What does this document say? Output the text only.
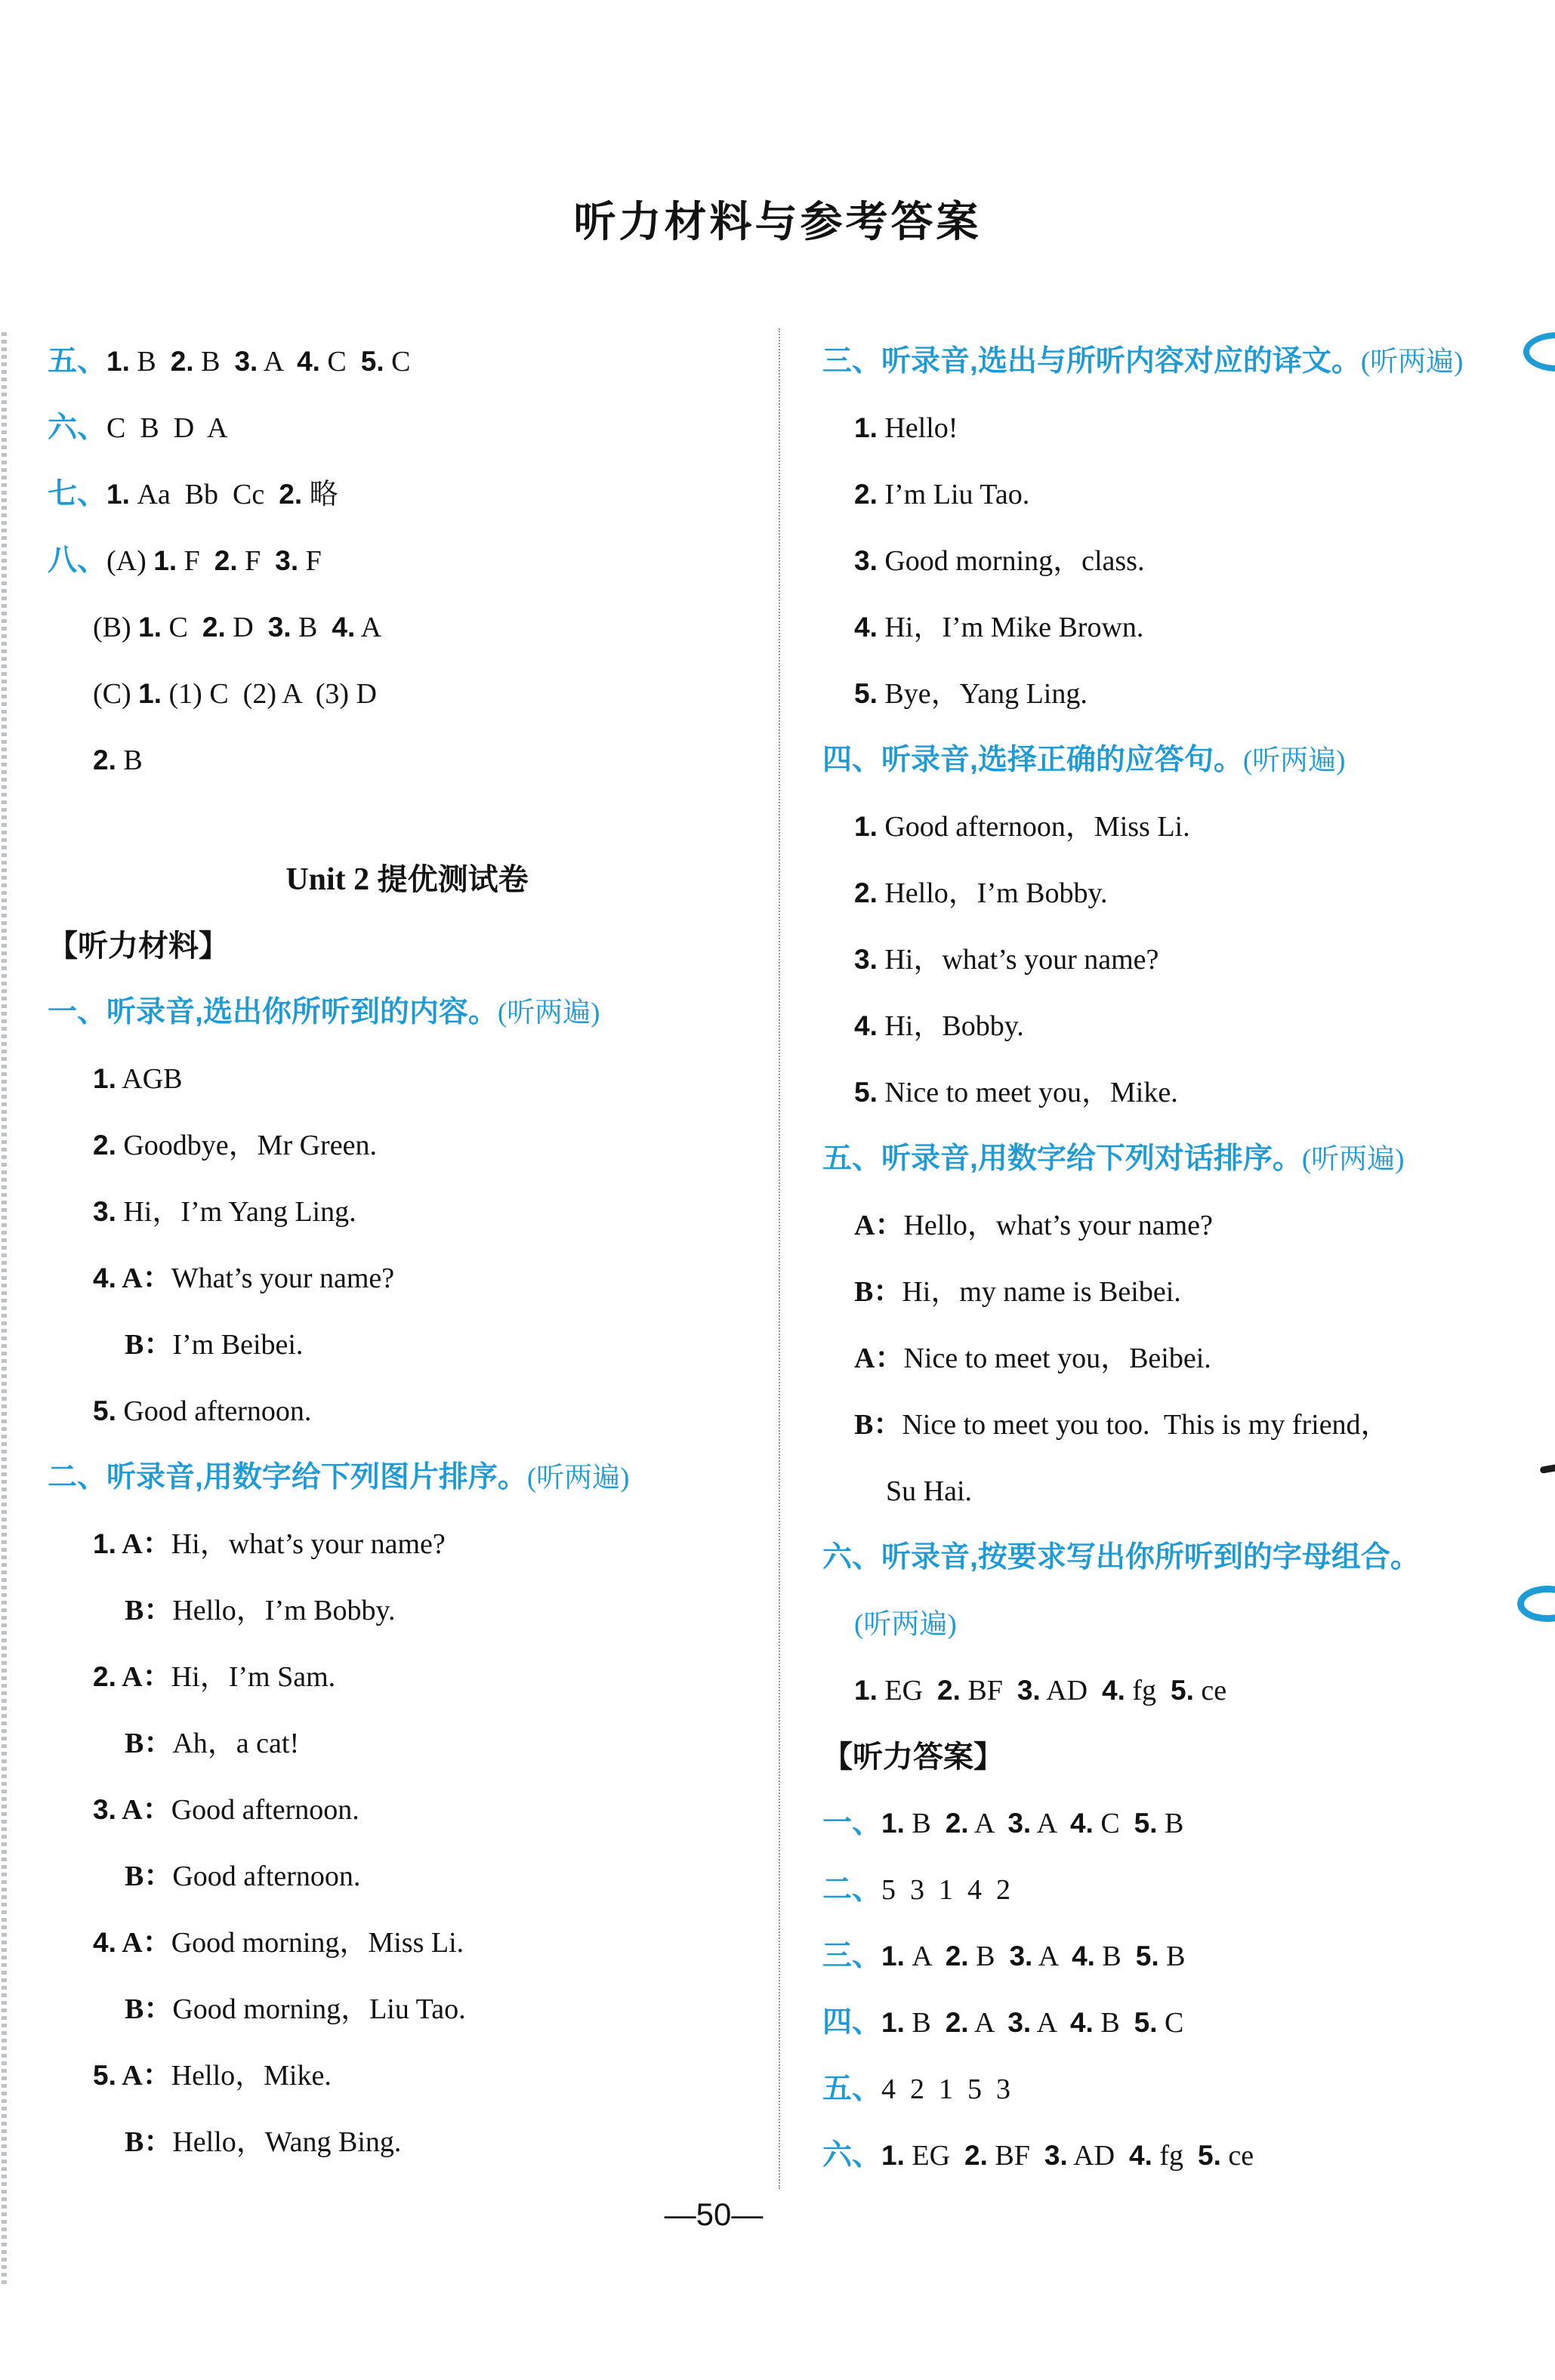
听力材料与参考答案
五、1. B  2. B  3. A  4. C  5. C
六、C  B  D  A
七、1. Aa  Bb  Cc  2. 略
八、(A) 1. F  2. F  3. F
(B) 1. C  2. D  3. B  4. A
(C) 1. (1) C  (2) A  (3) D
2. B
Unit 2 提优测试卷
【听力材料】
一、听录音,选出你所听到的内容。(听两遍)
1. AGB
2. Goodbye，Mr Green.
3. Hi，I’m Yang Ling.
4. A：What’s your name?
B：I’m Beibei.
5. Good afternoon.
二、听录音,用数字给下列图片排序。(听两遍)
1. A：Hi，what’s your name?
B：Hello，I’m Bobby.
2. A：Hi，I’m Sam.
B：Ah，a cat!
3. A：Good afternoon.
B：Good afternoon.
4. A：Good morning，Miss Li.
B：Good morning，Liu Tao.
5. A：Hello，Mike.
B：Hello，Wang Bing.
三、听录音,选出与所听内容对应的译文。(听两遍)
1. Hello!
2. I’m Liu Tao.
3. Good morning，class.
4. Hi，I’m Mike Brown.
5. Bye，Yang Ling.
四、听录音,选择正确的应答句。(听两遍)
1. Good afternoon，Miss Li.
2. Hello，I’m Bobby.
3. Hi，what’s your name?
4. Hi，Bobby.
5. Nice to meet you，Mike.
五、听录音,用数字给下列对话排序。(听两遍)
A：Hello，what’s your name?
B：Hi，my name is Beibei.
A：Nice to meet you，Beibei.
B：Nice to meet you too.  This is my friend，
Su Hai.
六、听录音,按要求写出你所听到的字母组合。
(听两遍)
1. EG  2. BF  3. AD  4. fg  5. ce
【听力答案】
一、1. B  2. A  3. A  4. C  5. B
二、5  3  1  4  2
三、1. A  2. B  3. A  4. B  5. B
四、1. B  2. A  3. A  4. B  5. C
五、4  2  1  5  3
六、1. EG  2. BF  3. AD  4. fg  5. ce
—50—
